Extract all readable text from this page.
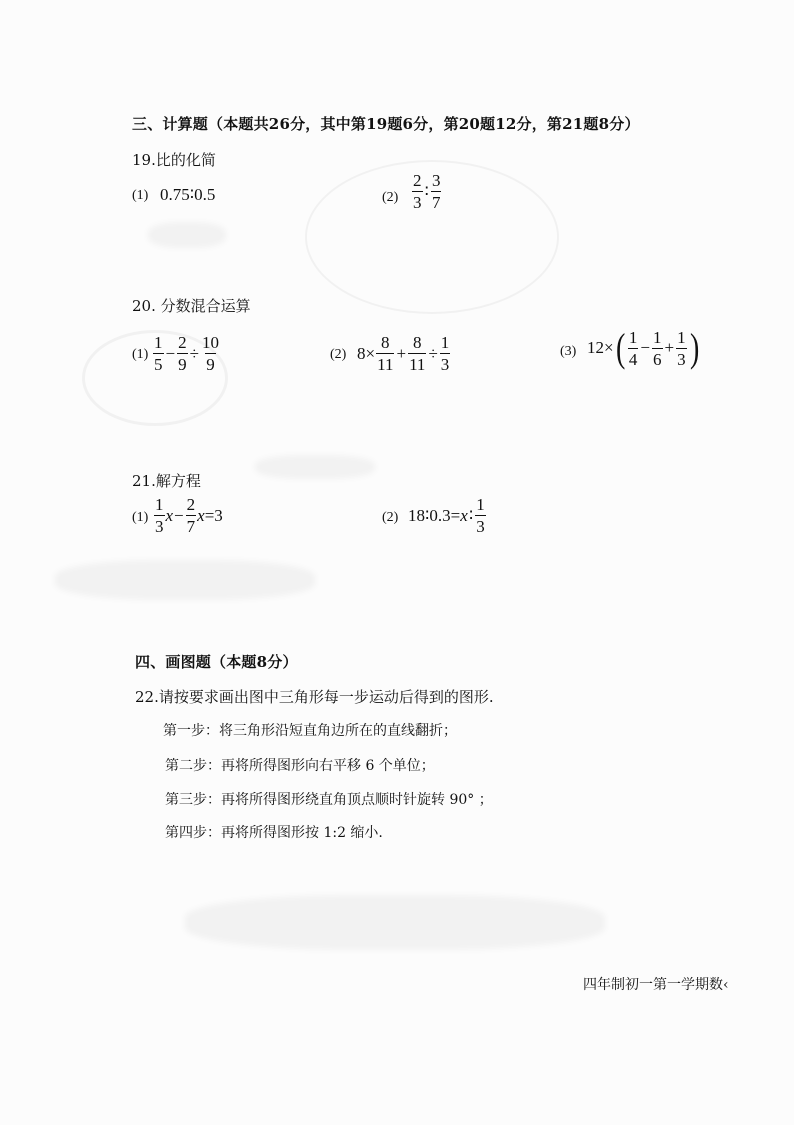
三、计算题（本题共26分，其中第19题6分，第20题12分，第21题8分）
19.比的化简
(1) 0.75∶0.5	$(2) \frac{2}{3}$ ∶ $\frac{3}{7}$
20. 分数混合运算
$(1) \frac{1}{5} - \frac{2}{9} \div \frac{10}{9}$	(2) $8\times \frac{8}{11} + \frac{8}{11} \div \frac{1}{3}$	(3) 12× ( $\frac{1}{4} - \frac{1}{6} + \frac{1}{3}$ )
21.解方程
$(1) \frac{1}{3}$ $x - \frac{2}{7}$ x =3	(2) 18∶0.3= x ∶ $\frac{1}{3}$
四、画图题（本题8分）
22.请按要求画出图中三角形每一步运动后得到的图形.
第一步：将三角形沿短直角边所在的直线翻折；
第二步：再将所得图形向右平移 6 个单位；
第三步：再将所得图形绕直角顶点顺时针旋转 90° ；
第四步：再将所得图形按 1:2 缩小.
四年制初一第一学期数‹
